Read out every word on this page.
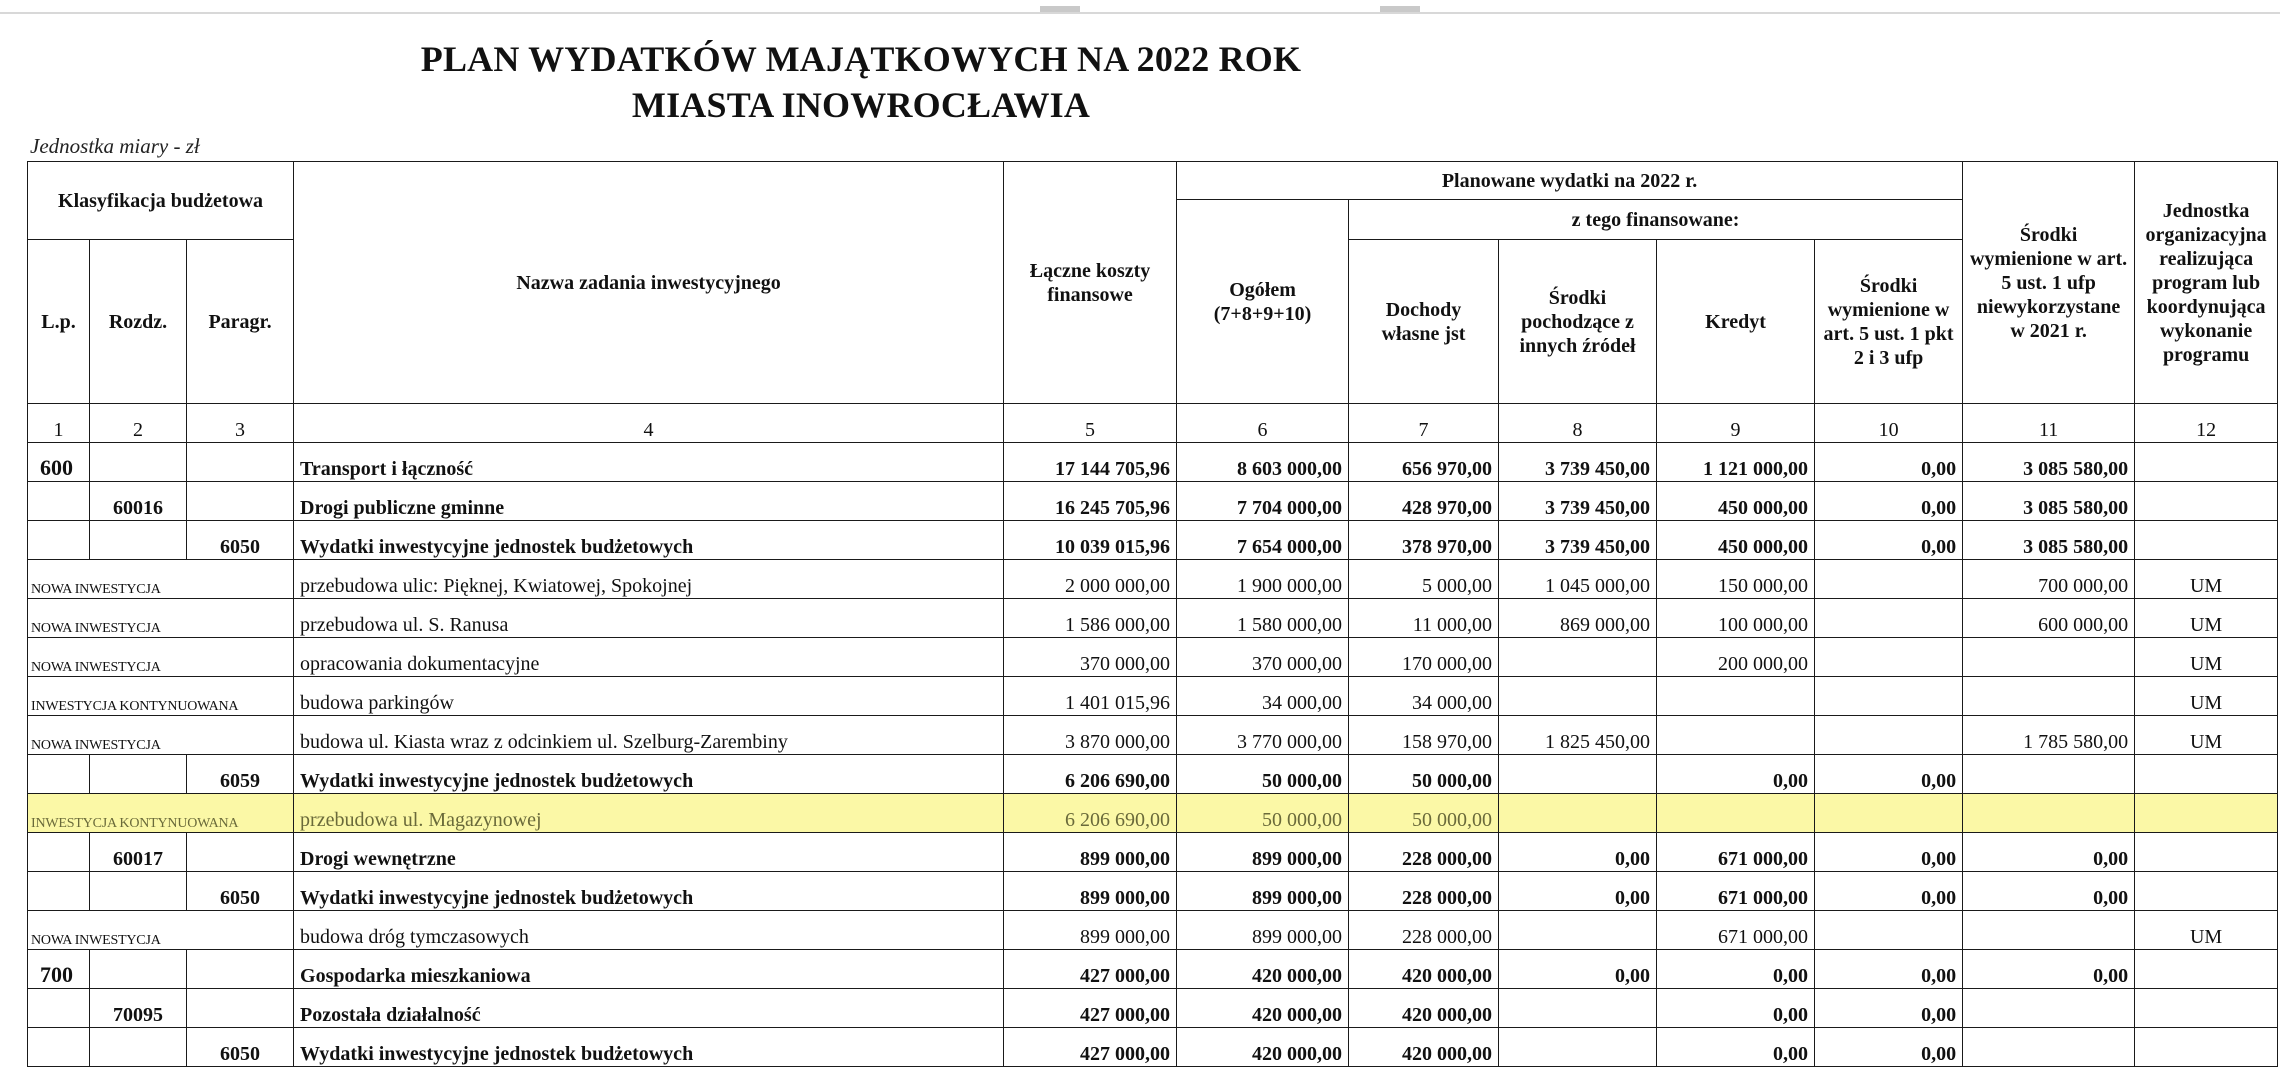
PLAN WYDATKÓW MAJĄTKOWYCH NA 2022 ROK
MIASTA INOWROCŁAWIA
Jednostka miary - zł
Klasyfikacja budżetowa			Nazwa zadania inwestycyjnego	Łączne koszty finansowe	Planowane wydatki na 2022 r.					Środki wymienione w art. 5 ust. 1 ufp niewykorzystane w 2021 r.	Jednostka organizacyjna realizująca program lub koordynująca wykonanie programu
					Ogółem (7+8+9+10)	z tego finansowane:					
L.p.	Rozdz.	Paragr.				Dochody własne jst	Środki pochodzące z innych źródeł	Kredyt	Środki wymienione w art. 5 ust. 1 pkt 2 i 3 ufp		

1	2	3	4	5	6	7	8	9	10	11	12
600			Transport i łączność	17 144 705,96	8 603 000,00	656 970,00	3 739 450,00	1 121 000,00	0,00	3 085 580,00	
	60016		Drogi publiczne gminne	16 245 705,96	7 704 000,00	428 970,00	3 739 450,00	450 000,00	0,00	3 085 580,00	
		6050	Wydatki inwestycyjne jednostek budżetowych	10 039 015,96	7 654 000,00	378 970,00	3 739 450,00	450 000,00	0,00	3 085 580,00	
NOWA INWESTYCJA			przebudowa ulic: Pięknej, Kwiatowej, Spokojnej	2 000 000,00	1 900 000,00	5 000,00	1 045 000,00	150 000,00		700 000,00	UM
NOWA INWESTYCJA			przebudowa ul. S. Ranusa	1 586 000,00	1 580 000,00	11 000,00	869 000,00	100 000,00		600 000,00	UM
NOWA INWESTYCJA			opracowania dokumentacyjne	370 000,00	370 000,00	170 000,00		200 000,00			UM
INWESTYCJA KONTYNUOWANA			budowa parkingów	1 401 015,96	34 000,00	34 000,00					UM
NOWA INWESTYCJA			budowa ul. Kiasta wraz z odcinkiem ul. Szelburg-Zarembiny	3 870 000,00	3 770 000,00	158 970,00	1 825 450,00			1 785 580,00	UM
		6059	Wydatki inwestycyjne jednostek budżetowych	6 206 690,00	50 000,00	50 000,00		0,00	0,00		
INWESTYCJA KONTYNUOWANA			przebudowa ul. Magazynowej	6 206 690,00	50 000,00	50 000,00					
	60017		Drogi wewnętrzne	899 000,00	899 000,00	228 000,00	0,00	671 000,00	0,00	0,00	
		6050	Wydatki inwestycyjne jednostek budżetowych	899 000,00	899 000,00	228 000,00	0,00	671 000,00	0,00	0,00	
NOWA INWESTYCJA			budowa dróg tymczasowych	899 000,00	899 000,00	228 000,00		671 000,00			UM
700			Gospodarka mieszkaniowa	427 000,00	420 000,00	420 000,00	0,00	0,00	0,00	0,00	
	70095		Pozostała działalność	427 000,00	420 000,00	420 000,00		0,00	0,00		
		6050	Wydatki inwestycyjne jednostek budżetowych	427 000,00	420 000,00	420 000,00		0,00	0,00		
